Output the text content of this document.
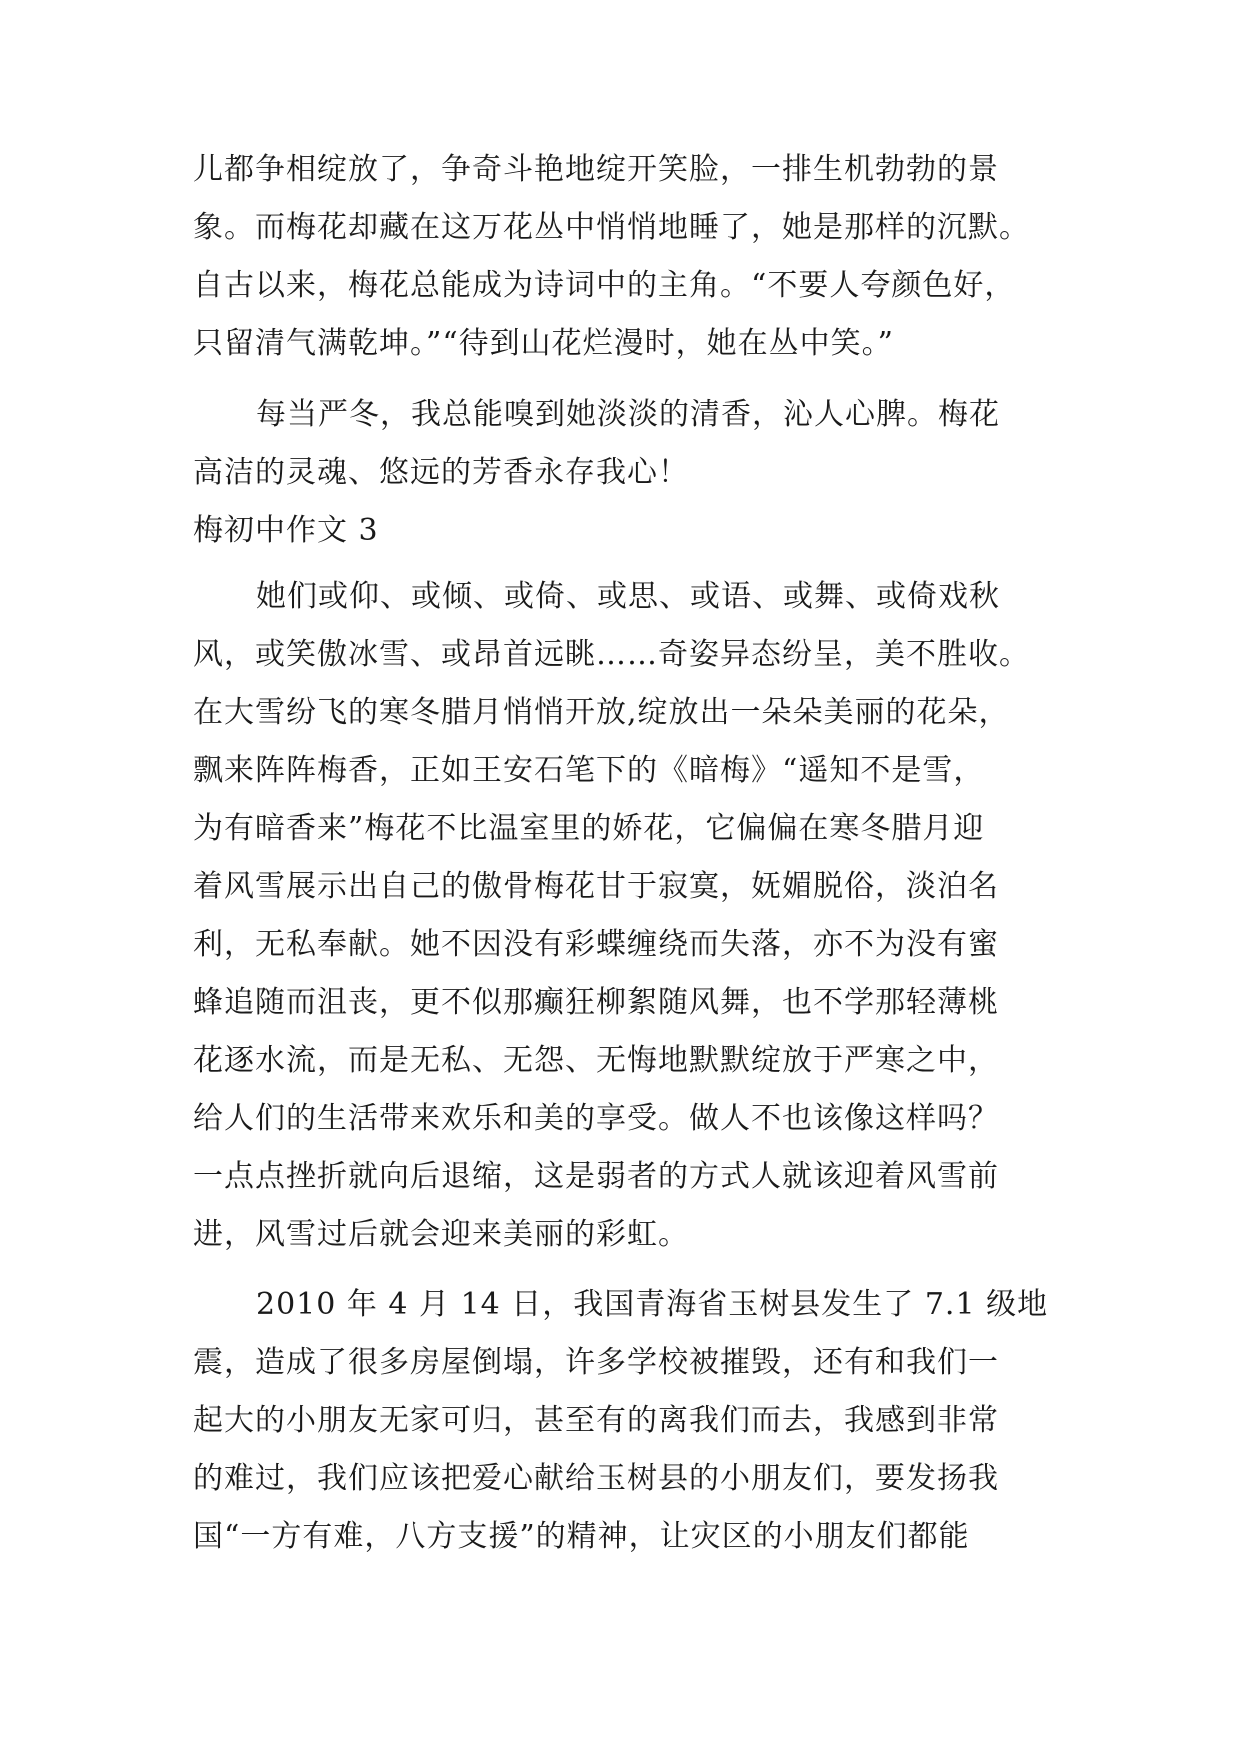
儿都争相绽放了，争奇斗艳地绽开笑脸，一排生机勃勃的景
象。而梅花却藏在这万花丛中悄悄地睡了，她是那样的沉默。
自古以来，梅花总能成为诗词中的主角。“不要人夸颜色好，
只留清气满乾坤。”“待到山花烂漫时，她在丛中笑。”
每当严冬，我总能嗅到她淡淡的清香，沁人心脾。梅花
高洁的灵魂、悠远的芳香永存我心！
梅初中作文 3
她们或仰、或倾、或倚、或思、或语、或舞、或倚戏秋
风，或笑傲冰雪、或昂首远眺……奇姿异态纷呈，美不胜收。
在大雪纷飞的寒冬腊月悄悄开放,绽放出一朵朵美丽的花朵，
飘来阵阵梅香，正如王安石笔下的《暗梅》“遥知不是雪，
为有暗香来”梅花不比温室里的娇花，它偏偏在寒冬腊月迎
着风雪展示出自己的傲骨梅花甘于寂寞，妩媚脱俗，淡泊名
利，无私奉献。她不因没有彩蝶缠绕而失落，亦不为没有蜜
蜂追随而沮丧，更不似那癫狂柳絮随风舞，也不学那轻薄桃
花逐水流，而是无私、无怨、无悔地默默绽放于严寒之中，
给人们的生活带来欢乐和美的享受。做人不也该像这样吗？
一点点挫折就向后退缩，这是弱者的方式人就该迎着风雪前
进，风雪过后就会迎来美丽的彩虹。
2010 年 4 月 14 日，我国青海省玉树县发生了 7.1 级地
震，造成了很多房屋倒塌，许多学校被摧毁，还有和我们一
起大的小朋友无家可归，甚至有的离我们而去，我感到非常
的难过，我们应该把爱心献给玉树县的小朋友们，要发扬我
国“一方有难，八方支援”的精神，让灾区的小朋友们都能
